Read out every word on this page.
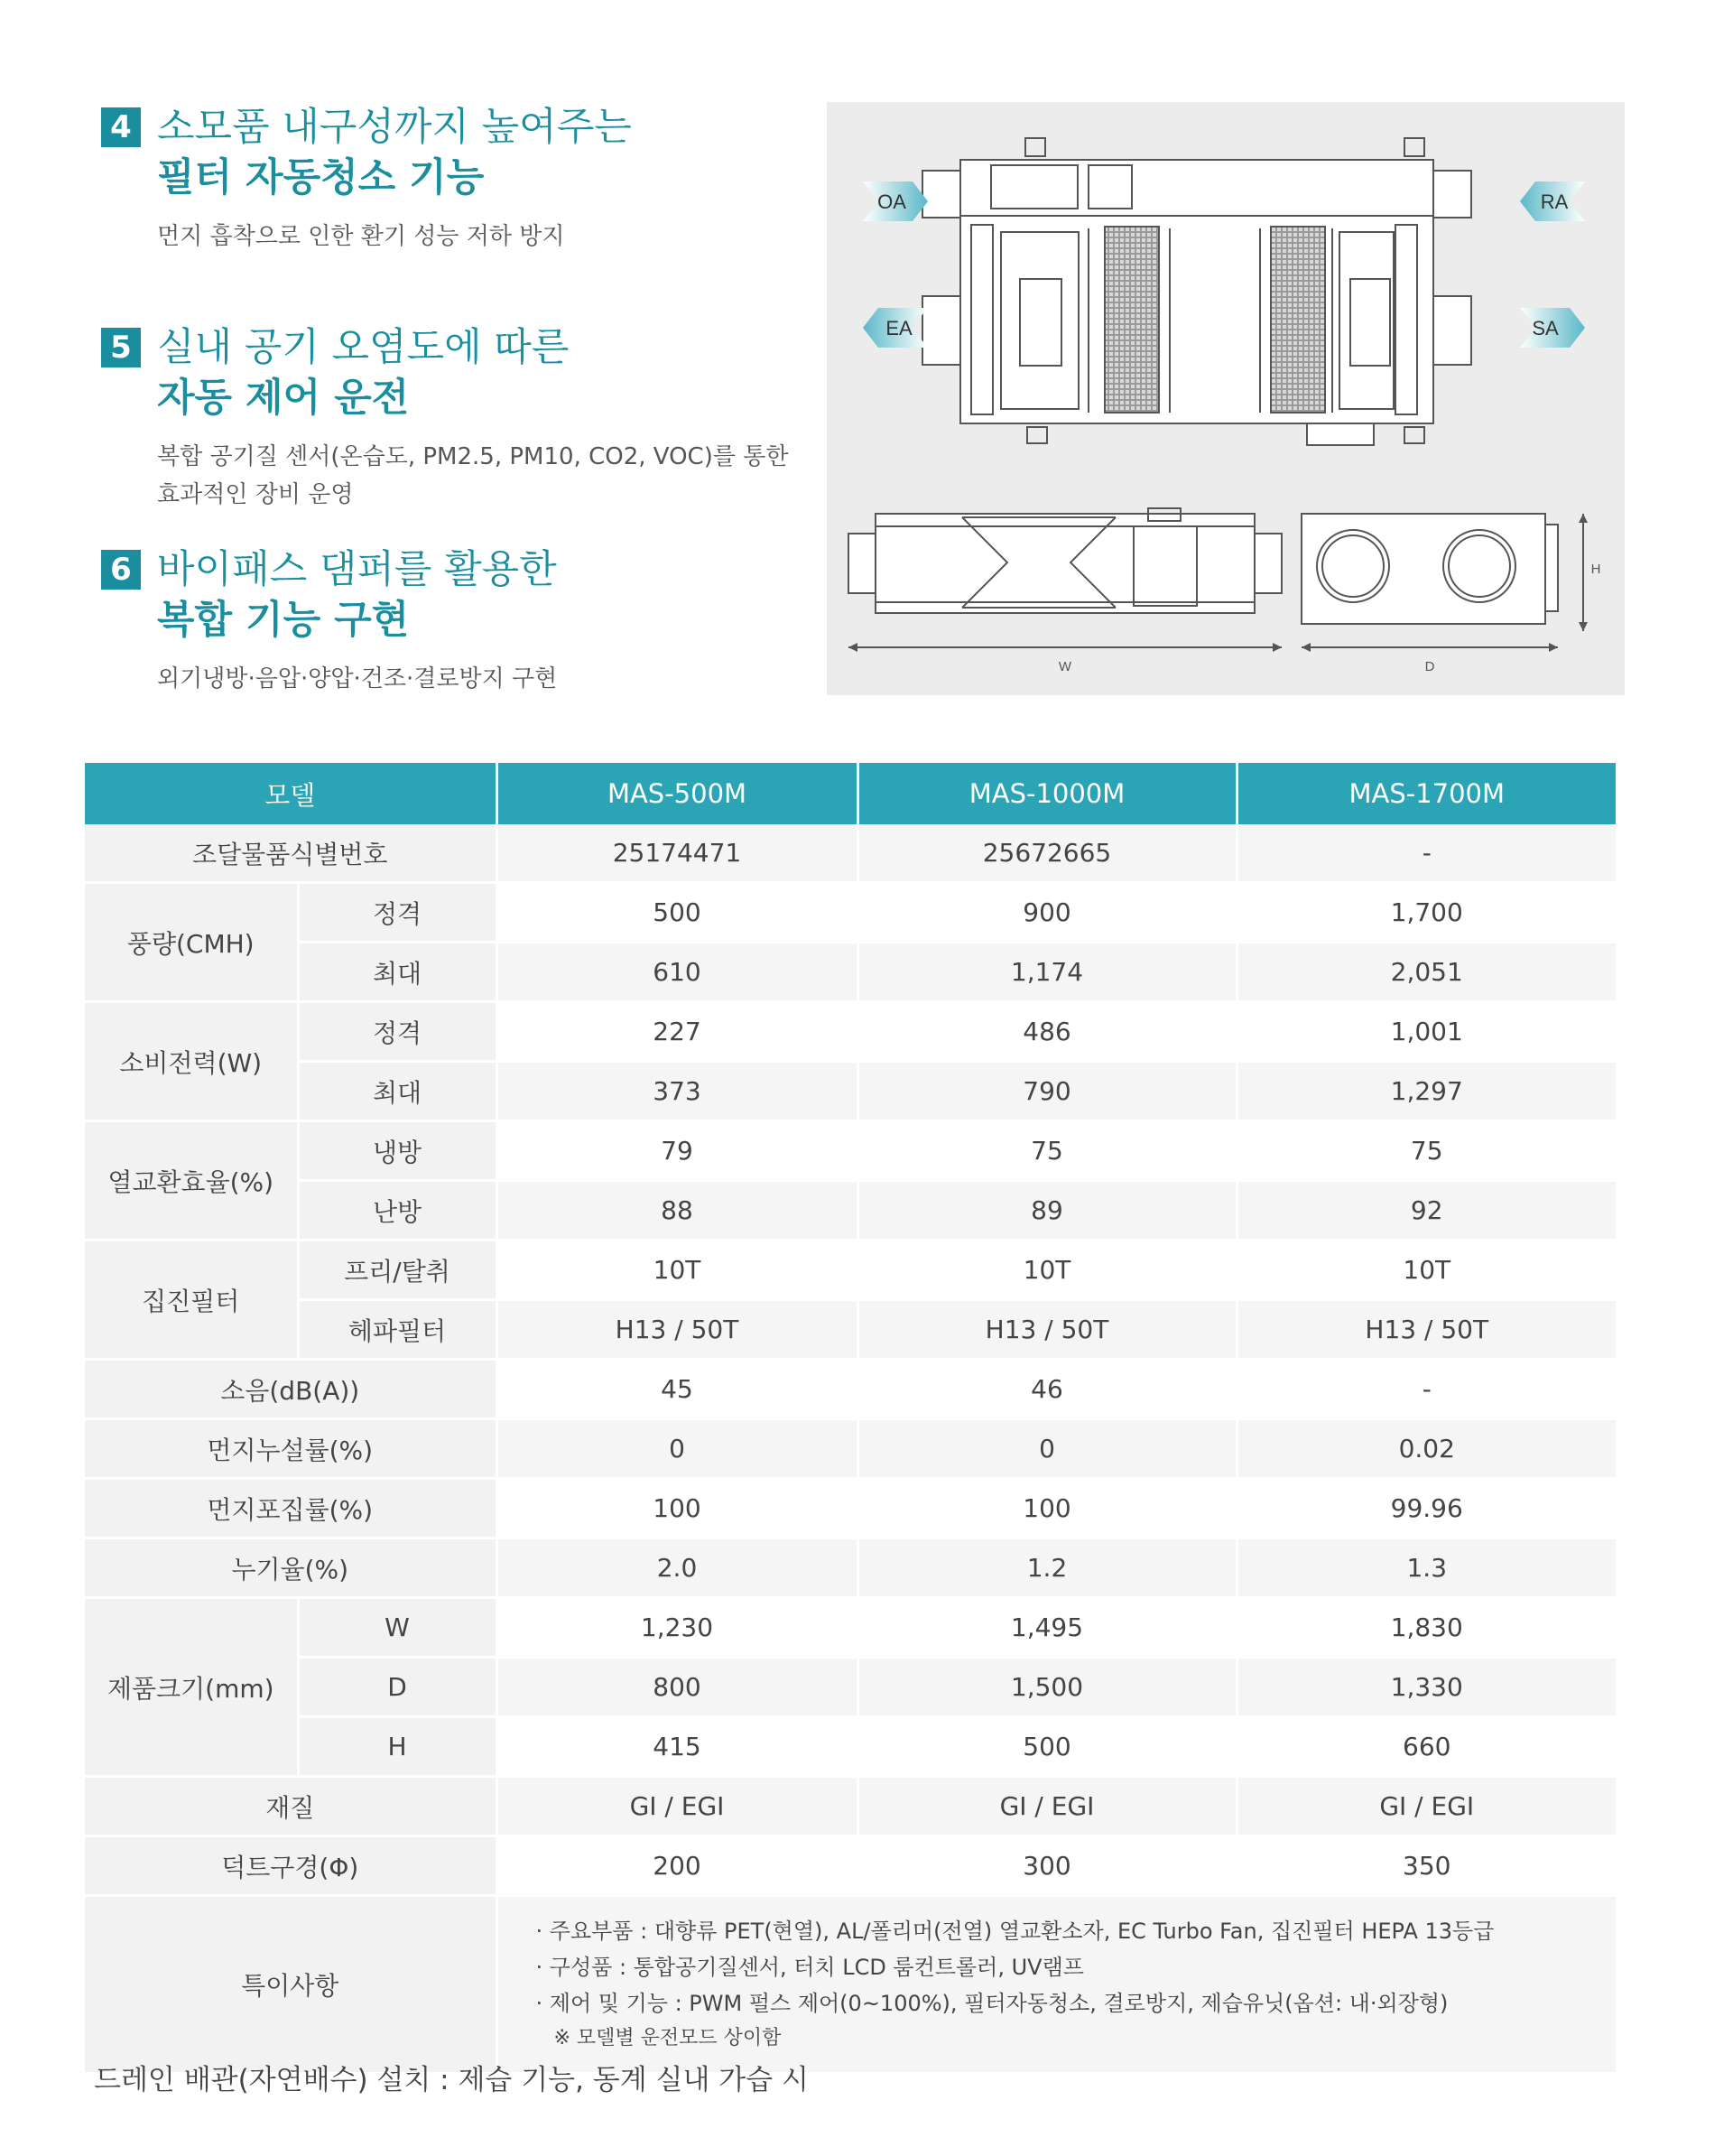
4 소모품 내구성까지 높여주는
필터 자동청소 기능
먼지 흡착으로 인한 환기 성능 저하 방지
5 실내 공기 오염도에 따른
자동 제어 운전
복합 공기질 센서(온습도, PM2.5, PM10, CO2, VOC)를 통한
효과적인 장비 운영
6 바이패스 댐퍼를 활용한
복합 기능 구현
외기냉방·음압·양압·건조·결로방지 구현
OA	RA
EA	SA
W	D
H
모델		MAS-500M	MAS-1000M	MAS-1700M
조달물품식별번호		25174471	25672665	-
풍량(CMH)	정격	500	900	1,700
	최대	610	1,174	2,051
소비전력(W)	정격	227	486	1,001
	최대	373	790	1,297
열교환효율(%)	냉방	79	75	75
	난방	88	89	92
집진필터	프리/탈취	10T	10T	10T
	헤파필터	H13 / 50T	H13 / 50T	H13 / 50T
소음(dB(A))		45	46	-
먼지누설률(%)		0	0	0.02
먼지포집률(%)		100	100	99.96
누기율(%)		2.0	1.2	1.3
제품크기(mm)	W	1,230	1,495	1,830
	D	800	1,500	1,330
	H	415	500	660
재질		GI / EGI	GI / EGI	GI / EGI
덕트구경(Φ)		200	300	350
특이사항		· 주요부품 : 대향류 PET(현열), AL/폴리머(전열) 열교환소자, EC Turbo Fan, 집진필터 HEPA 13등급
· 구성품 : 통합공기질센서, 터치 LCD 룸컨트롤러, UV램프
· 제어 및 기능 : PWM 펄스 제어(0~100%), 필터자동청소, 결로방지, 제습유닛(옵션: 내·외장형)
※ 모델별 운전모드 상이함		
드레인 배관(자연배수) 설치 : 제습 기능, 동계 실내 가습 시
